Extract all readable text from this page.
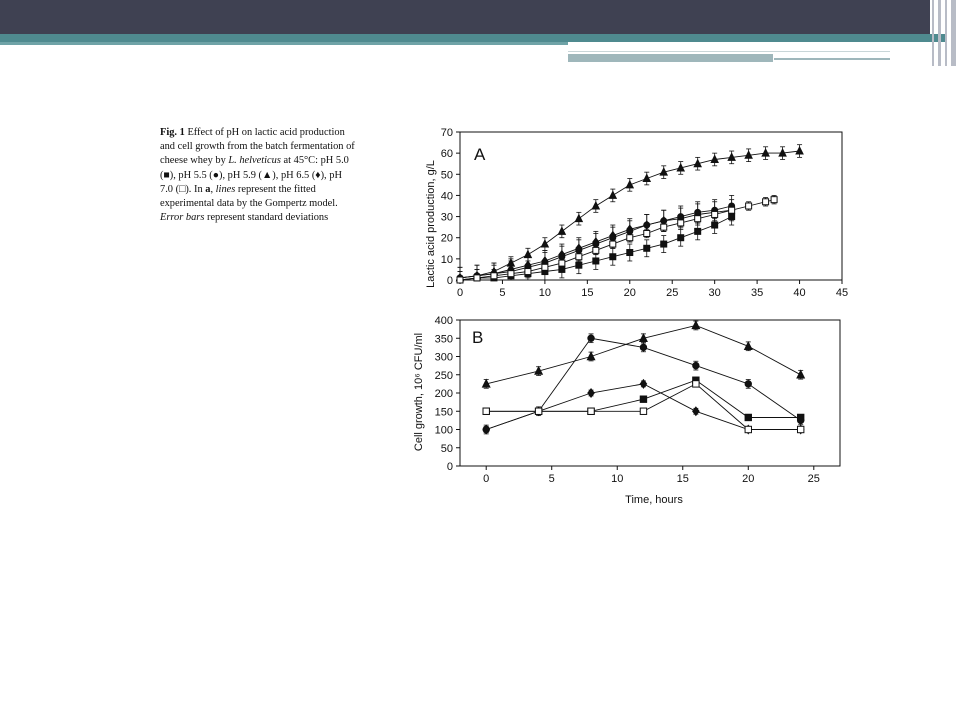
Fig. 1 Effect of pH on lactic acid production and cell growth from the batch fermentation of cheese whey by L. helveticus at 45°C: pH 5.0 (■), pH 5.5 (●), pH 5.9 (▲), pH 6.5 (♦), pH 7.0 (□). In a, lines represent the fitted experimental data by the Gompertz model. Error bars represent standard deviations	Lactic acid production, g/L
A
0	5	10	15	20	25	30	35	40	45
0
10
20
30
40
50
60
70
Cell growth, 10⁶ CFU/ml	B
Time, hours
0	5	10	15	20	25
0
50
100
150
200
250
300
350
400
